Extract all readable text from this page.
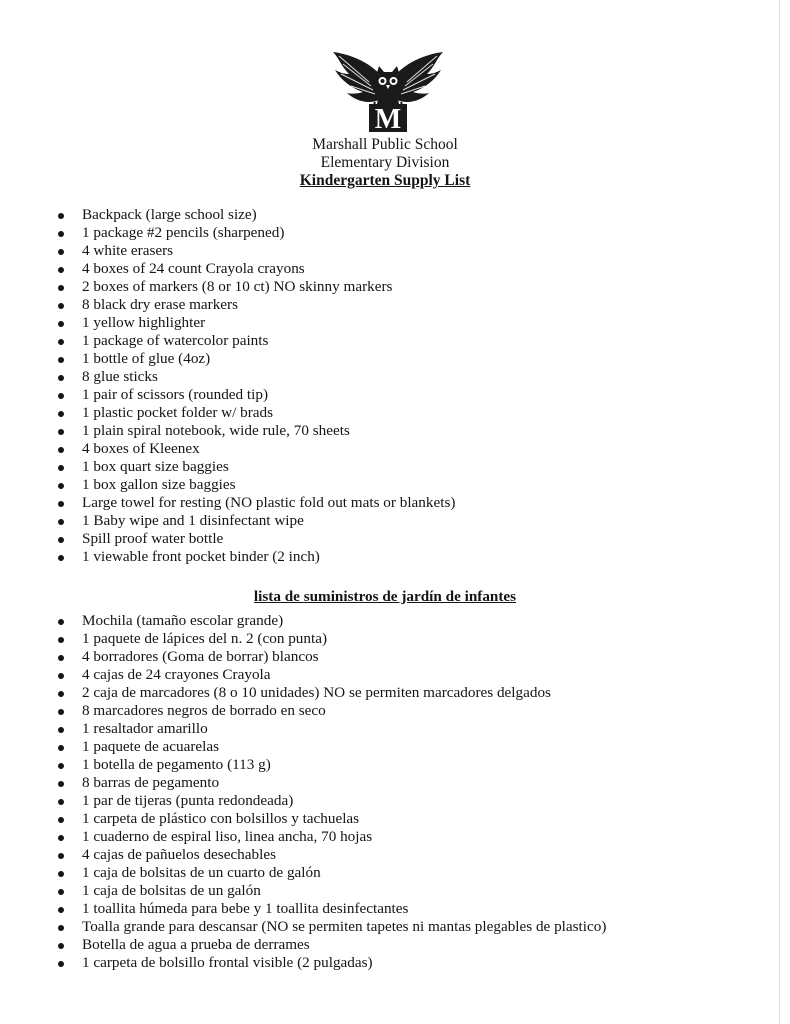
M
Marshall Public School
Elementary Division
Kindergarten Supply List
Backpack (large school size)
1 package #2 pencils (sharpened)
4 white erasers
4 boxes of 24 count Crayola crayons
2 boxes of markers (8 or 10 ct) NO skinny markers
8 black dry erase markers
1 yellow highlighter
1 package of watercolor paints
1 bottle of glue (4oz)
8 glue sticks
1 pair of scissors (rounded tip)
1 plastic pocket folder w/ brads
1 plain spiral notebook, wide rule, 70 sheets
4 boxes of Kleenex
1 box quart size baggies
1 box gallon size baggies
Large towel for resting (NO plastic fold out mats or blankets)
1 Baby wipe and 1 disinfectant wipe
Spill proof water bottle
1 viewable front pocket binder (2 inch)
lista de suministros de jardín de infantes
Mochila (tamaño escolar grande)
1 paquete de lápices del n. 2 (con punta)
4 borradores (Goma de borrar) blancos
4 cajas de 24 crayones Crayola
2 caja de marcadores (8 o 10 unidades) NO se permiten marcadores delgados
8 marcadores negros de borrado en seco
1 resaltador amarillo
1 paquete de acuarelas
1 botella de pegamento (113 g)
8 barras de pegamento
1 par de tijeras (punta redondeada)
1 carpeta de plástico con bolsillos y tachuelas
1 cuaderno de espiral liso, linea ancha, 70 hojas
4 cajas de pañuelos desechables
1 caja de bolsitas de un cuarto de galón
1 caja de bolsitas de un galón
1 toallita húmeda para bebe y 1 toallita desinfectantes
Toalla grande para descansar (NO se permiten tapetes ni mantas plegables de plastico)
Botella de agua a prueba de derrames
1 carpeta de bolsillo frontal visible (2 pulgadas)
